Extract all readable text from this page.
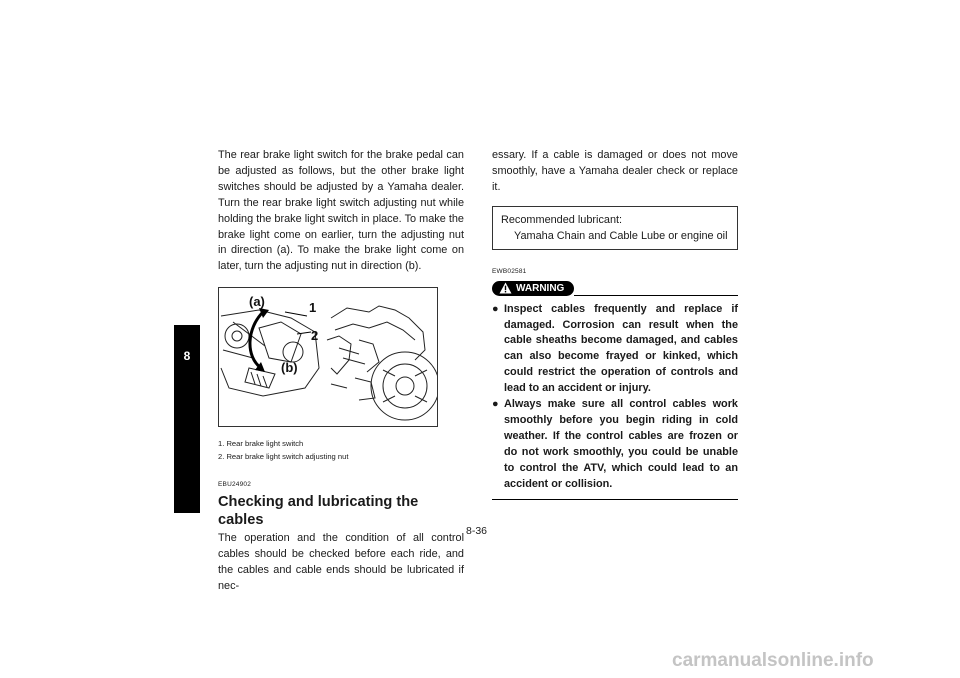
8

The rear brake light switch for the brake pedal can be adjusted as follows, but the other brake light switches should be adjusted by a Yamaha dealer. Turn the rear brake light switch adjusting nut while holding the brake light switch in place. To make the brake light come on earlier, turn the adjusting nut in direction (a). To make the brake light come on later, turn the adjusting nut in direction (b).

(a)	1
2
(b)
1. Rear brake light switch
2. Rear brake light switch adjusting nut
EBU24902
Checking and lubricating the cables

The operation and the condition of all control cables should be checked before each ride, and the cables and cable ends should be lubricated if nec-

essary. If a cable is damaged or does not move smoothly, have a Yamaha dealer check or replace it.

Recommended lubricant:
Yamaha Chain and Cable Lube or engine oil
EWB02581
WARNING
● Inspect cables frequently and replace if damaged. Corrosion can result when the cable sheaths become damaged, and cables can also become frayed or kinked, which could restrict the operation of controls and lead to an accident or injury.
● Always make sure all control cables work smoothly before you begin riding in cold weather. If the control cables are frozen or do not work smoothly, you could be unable to control the ATV, which could lead to an accident or collision.
8-36
carmanualsonline.info
